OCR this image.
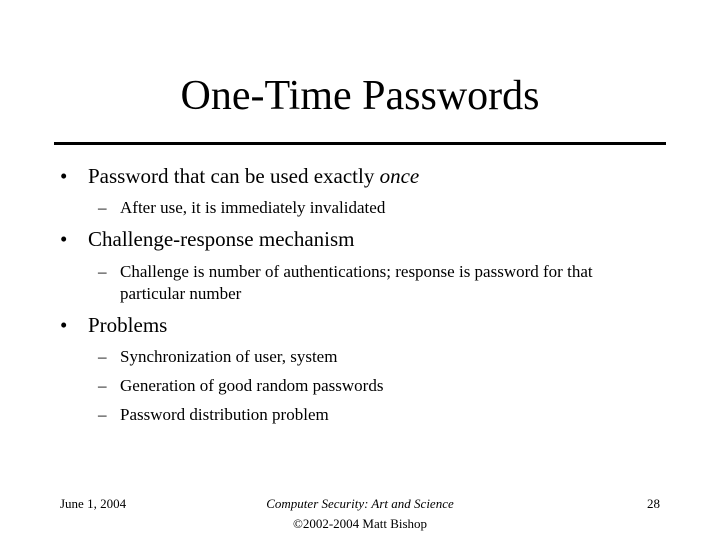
One-Time Passwords
• Password that can be used exactly once
– After use, it is immediately invalidated
• Challenge-response mechanism
– Challenge is number of authentications; response is password for that particular number
• Problems
– Synchronization of user, system
– Generation of good random passwords
– Password distribution problem
June 1, 2004	Computer Security: Art and Science
©2002-2004 Matt Bishop
28
